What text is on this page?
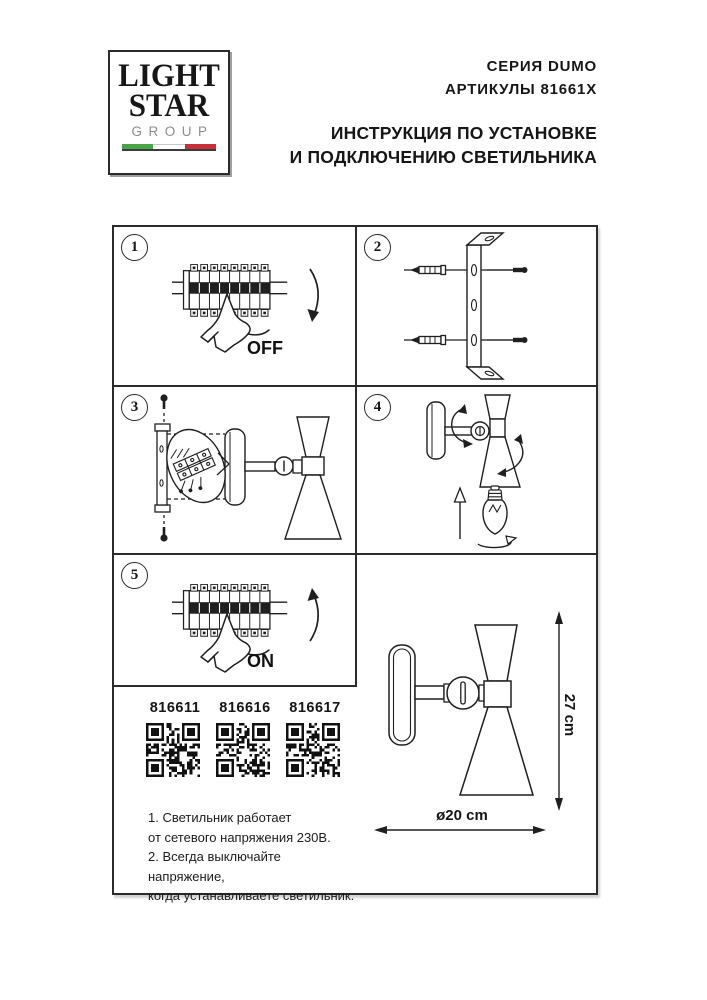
LIGHT
STAR
GROUP
СЕРИЯ DUMO
АРТИКУЛЫ 81661X
ИНСТРУКЦИЯ ПО УСТАНОВКЕ
И ПОДКЛЮЧЕНИЮ СВЕТИЛЬНИКА
1
OFF
2
3	4
5
ON
816611 816616 816617
1. Светильник работает
от сетевого напряжения 230В.
2. Всегда выключайте напряжение,
когда устанавливаете светильник.
27 cm
ø20 cm
